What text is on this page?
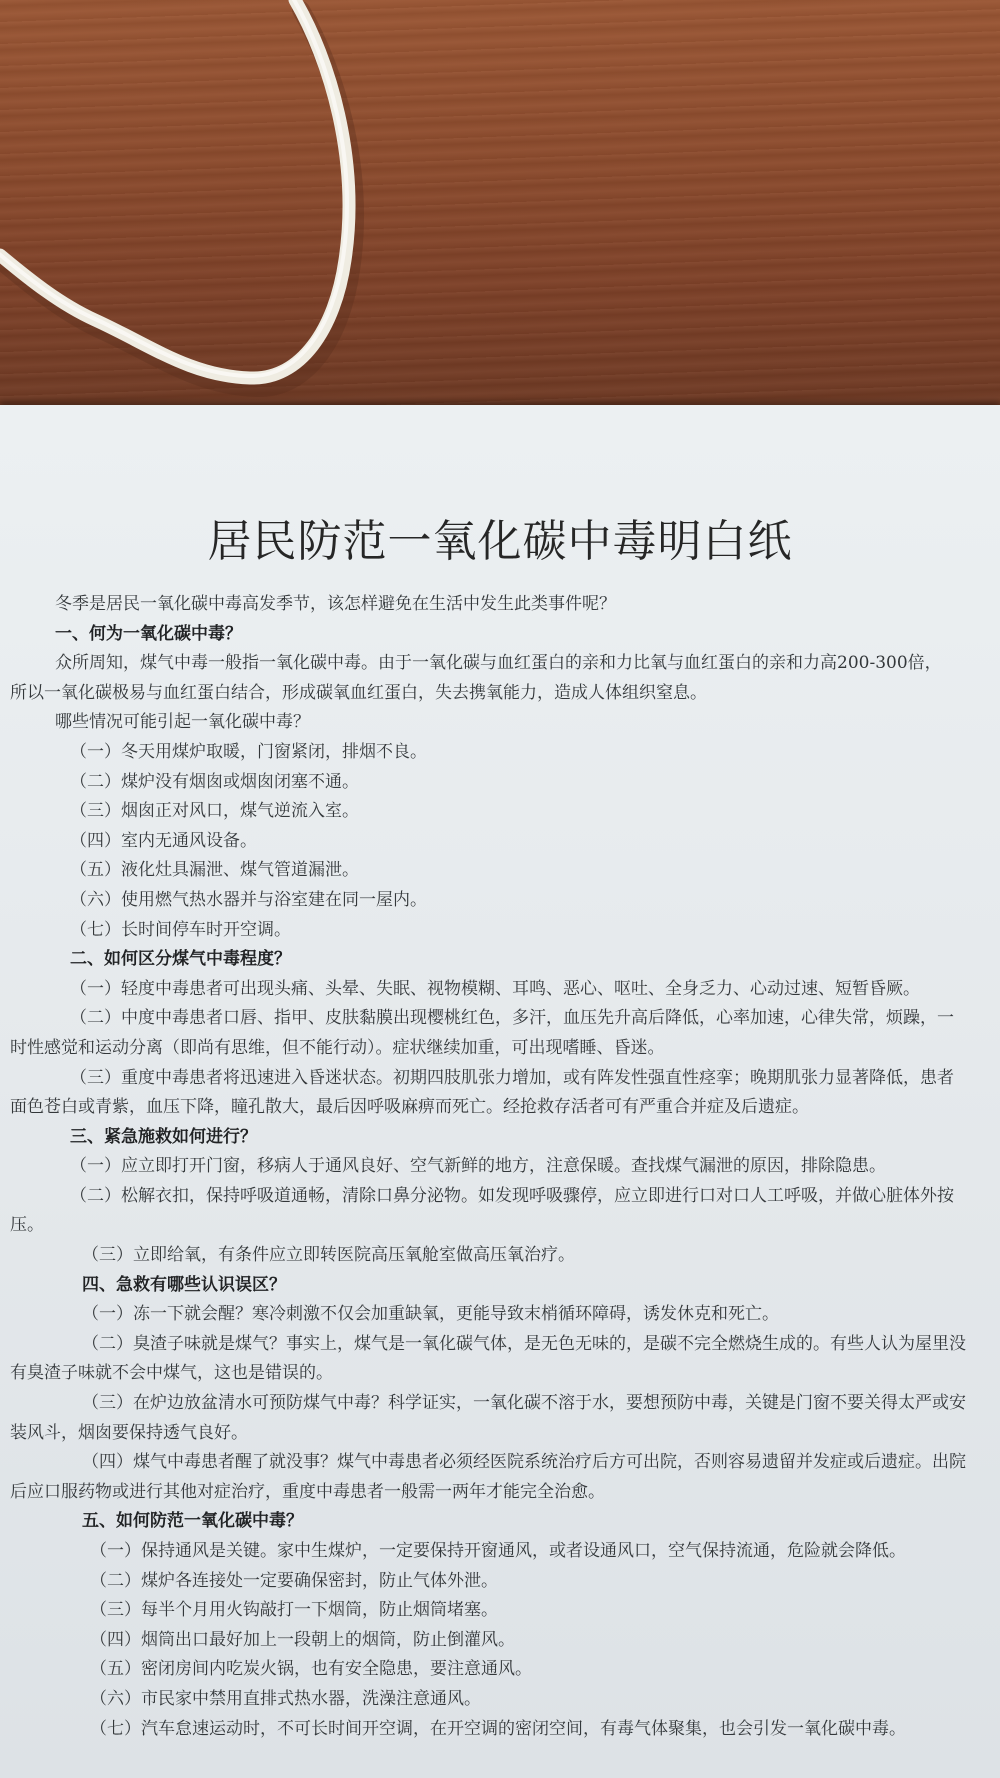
居民防范一氧化碳中毒明白纸
冬季是居民一氧化碳中毒高发季节，该怎样避免在生活中发生此类事件呢？
一、何为一氧化碳中毒？
众所周知，煤气中毒一般指一氧化碳中毒。由于一氧化碳与血红蛋白的亲和力比氧与血红蛋白的亲和力高200-300倍，
所以一氧化碳极易与血红蛋白结合，形成碳氧血红蛋白，失去携氧能力，造成人体组织窒息。
哪些情况可能引起一氧化碳中毒？
（一）冬天用煤炉取暖，门窗紧闭，排烟不良。
（二）煤炉没有烟囱或烟囱闭塞不通。
（三）烟囱正对风口，煤气逆流入室。
（四）室内无通风设备。
（五）液化灶具漏泄、煤气管道漏泄。
（六）使用燃气热水器并与浴室建在同一屋内。
（七）长时间停车时开空调。
二、如何区分煤气中毒程度？
（一）轻度中毒患者可出现头痛、头晕、失眠、视物模糊、耳鸣、恶心、呕吐、全身乏力、心动过速、短暂昏厥。
（二）中度中毒患者口唇、指甲、皮肤黏膜出现樱桃红色，多汗，血压先升高后降低，心率加速，心律失常，烦躁，一
时性感觉和运动分离（即尚有思维，但不能行动）。症状继续加重，可出现嗜睡、昏迷。
（三）重度中毒患者将迅速进入昏迷状态。初期四肢肌张力增加，或有阵发性强直性痉挛；晚期肌张力显著降低，患者
面色苍白或青紫，血压下降，瞳孔散大，最后因呼吸麻痹而死亡。经抢救存活者可有严重合并症及后遗症。
三、紧急施救如何进行？
（一）应立即打开门窗，移病人于通风良好、空气新鲜的地方，注意保暖。查找煤气漏泄的原因，排除隐患。
（二）松解衣扣，保持呼吸道通畅，清除口鼻分泌物。如发现呼吸骤停，应立即进行口对口人工呼吸，并做心脏体外按
压。
（三）立即给氧，有条件应立即转医院高压氧舱室做高压氧治疗。
四、急救有哪些认识误区？
（一）冻一下就会醒？寒冷刺激不仅会加重缺氧，更能导致末梢循环障碍，诱发休克和死亡。
（二）臭渣子味就是煤气？事实上，煤气是一氧化碳气体，是无色无味的，是碳不完全燃烧生成的。有些人认为屋里没
有臭渣子味就不会中煤气，这也是错误的。
（三）在炉边放盆清水可预防煤气中毒？科学证实，一氧化碳不溶于水，要想预防中毒，关键是门窗不要关得太严或安
装风斗，烟囱要保持透气良好。
（四）煤气中毒患者醒了就没事？煤气中毒患者必须经医院系统治疗后方可出院，否则容易遗留并发症或后遗症。出院
后应口服药物或进行其他对症治疗，重度中毒患者一般需一两年才能完全治愈。
五、如何防范一氧化碳中毒？
（一）保持通风是关键。家中生煤炉，一定要保持开窗通风，或者设通风口，空气保持流通，危险就会降低。
（二）煤炉各连接处一定要确保密封，防止气体外泄。
（三）每半个月用火钩敲打一下烟筒，防止烟筒堵塞。
（四）烟筒出口最好加上一段朝上的烟筒，防止倒灌风。
（五）密闭房间内吃炭火锅，也有安全隐患，要注意通风。
（六）市民家中禁用直排式热水器，洗澡注意通风。
（七）汽车怠速运动时，不可长时间开空调，在开空调的密闭空间，有毒气体聚集，也会引发一氧化碳中毒。
